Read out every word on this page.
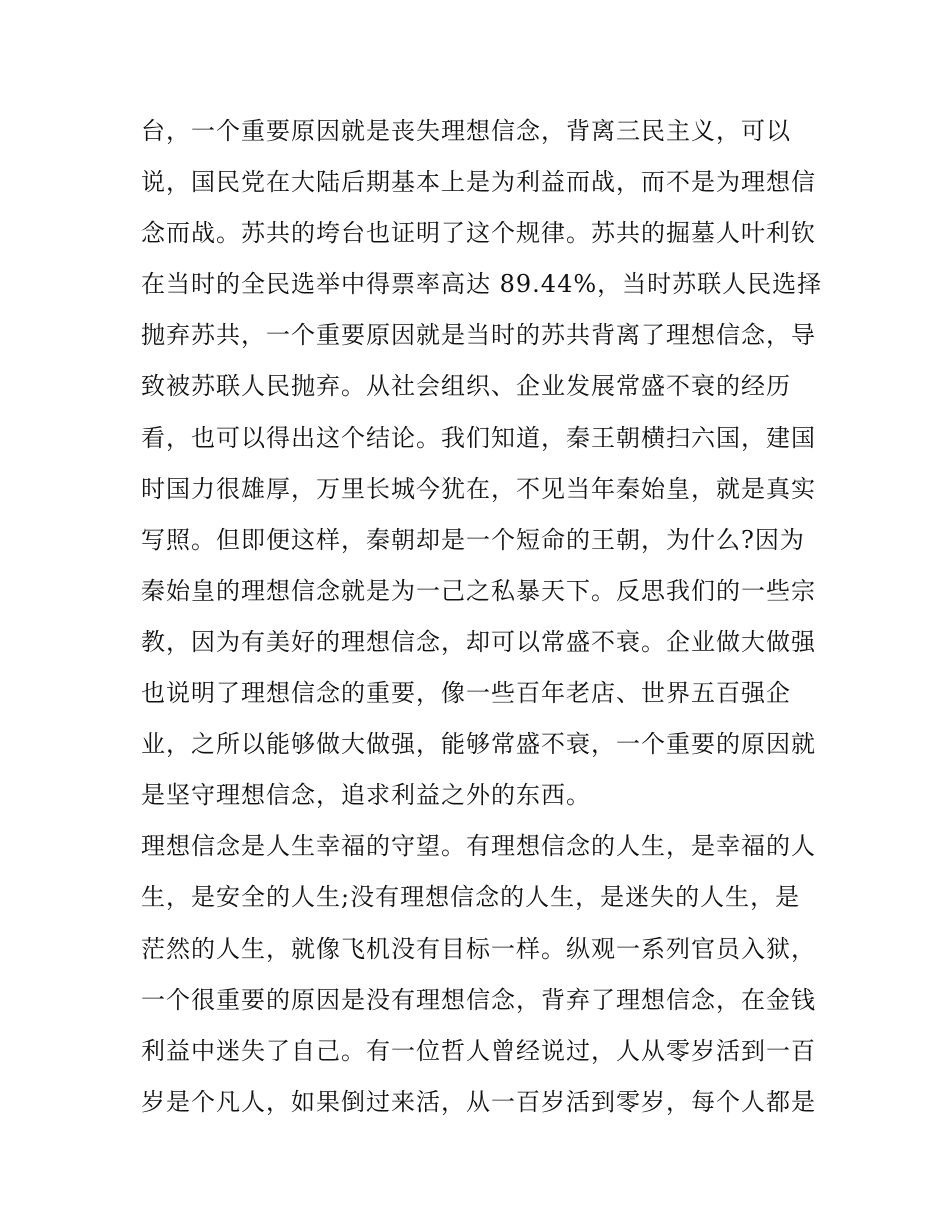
台，一个重要原因就是丧失理想信念，背离三民主义，可以
说，国民党在大陆后期基本上是为利益而战，而不是为理想信
念而战。苏共的垮台也证明了这个规律。苏共的掘墓人叶利钦
在当时的全民选举中得票率高达 89.44%，当时苏联人民选择
抛弃苏共，一个重要原因就是当时的苏共背离了理想信念，导
致被苏联人民抛弃。从社会组织、企业发展常盛不衰的经历
看，也可以得出这个结论。我们知道，秦王朝横扫六国，建国
时国力很雄厚，万里长城今犹在，不见当年秦始皇，就是真实
写照。但即便这样，秦朝却是一个短命的王朝，为什么?因为
秦始皇的理想信念就是为一己之私暴天下。反思我们的一些宗
教，因为有美好的理想信念，却可以常盛不衰。企业做大做强
也说明了理想信念的重要，像一些百年老店、世界五百强企
业，之所以能够做大做强，能够常盛不衰，一个重要的原因就
是坚守理想信念，追求利益之外的东西。
理想信念是人生幸福的守望。有理想信念的人生，是幸福的人
生，是安全的人生;没有理想信念的人生，是迷失的人生，是
茫然的人生，就像飞机没有目标一样。纵观一系列官员入狱，
一个很重要的原因是没有理想信念，背弃了理想信念，在金钱
利益中迷失了自己。有一位哲人曾经说过，人从零岁活到一百
岁是个凡人，如果倒过来活，从一百岁活到零岁，每个人都是
